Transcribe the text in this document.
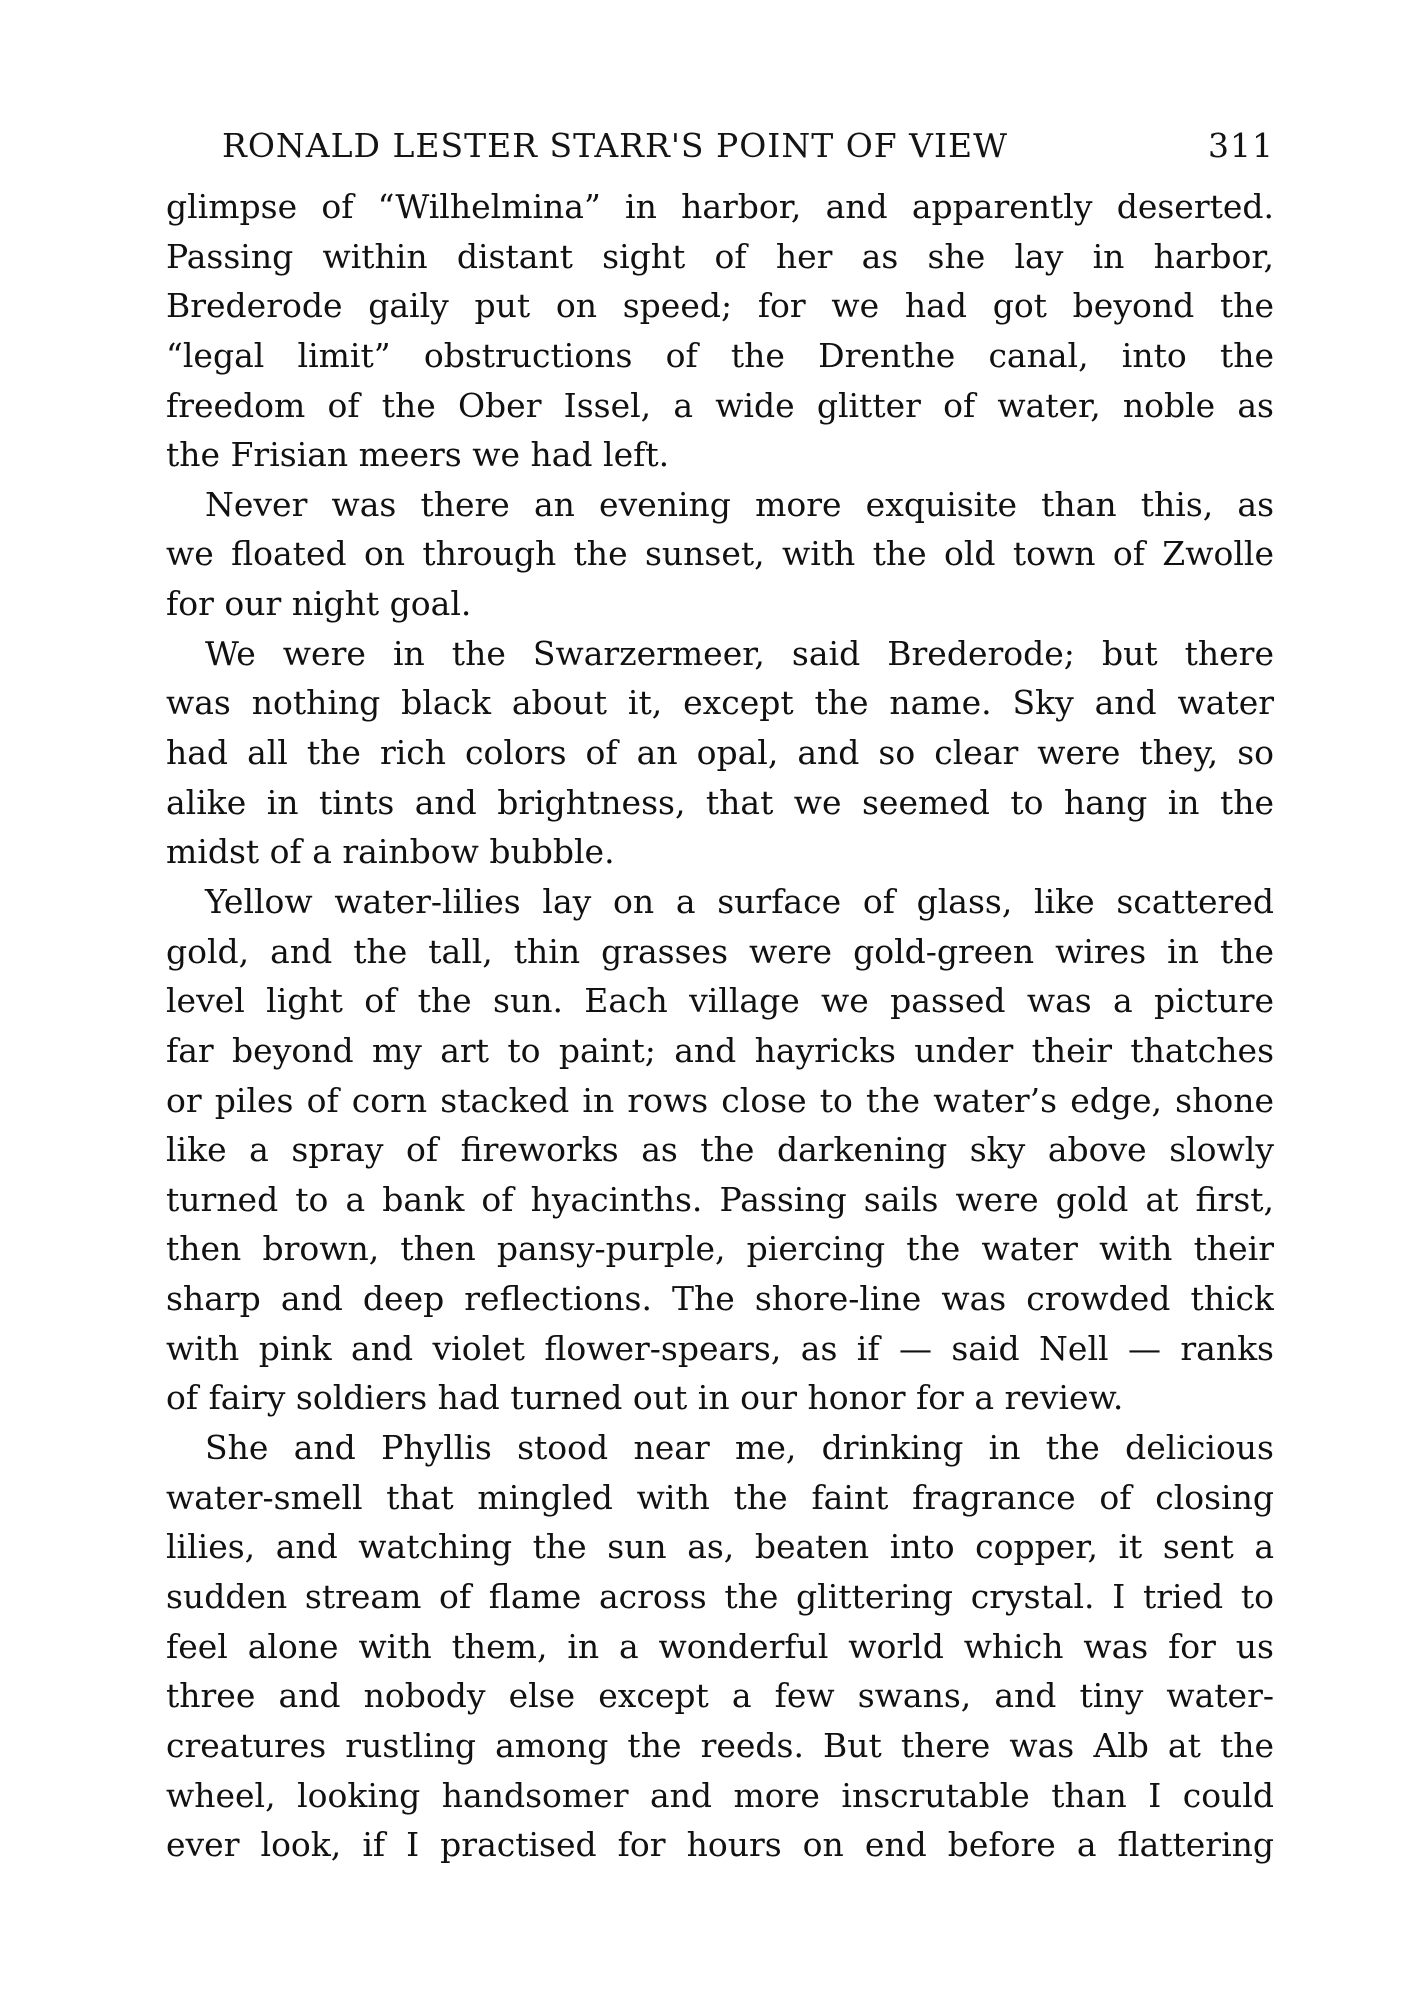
RONALD LESTER STARR'S POINT OF VIEW	311
glimpse of “Wilhelmina” in harbor, and apparently deserted.
Passing within distant sight of her as she lay in harbor,
Brederode gaily put on speed; for we had got beyond the
“legal limit” obstructions of the Drenthe canal, into the
freedom of the Ober Issel, a wide glitter of water, noble as
the Frisian meers we had left.
Never was there an evening more exquisite than this, as
we floated on through the sunset, with the old town of Zwolle
for our night goal.
We were in the Swarzermeer, said Brederode; but there
was nothing black about it, except the name. Sky and water
had all the rich colors of an opal, and so clear were they, so
alike in tints and brightness, that we seemed to hang in the
midst of a rainbow bubble.
Yellow water-lilies lay on a surface of glass, like scattered
gold, and the tall, thin grasses were gold-green wires in the
level light of the sun. Each village we passed was a picture
far beyond my art to paint; and hayricks under their thatches
or piles of corn stacked in rows close to the water’s edge, shone
like a spray of fireworks as the darkening sky above slowly
turned to a bank of hyacinths. Passing sails were gold at first,
then brown, then pansy-purple, piercing the water with their
sharp and deep reflections. The shore-line was crowded thick
with pink and violet flower-spears, as if — said Nell — ranks
of fairy soldiers had turned out in our honor for a review.
She and Phyllis stood near me, drinking in the delicious
water-smell that mingled with the faint fragrance of closing
lilies, and watching the sun as, beaten into copper, it sent a
sudden stream of flame across the glittering crystal. I tried to
feel alone with them, in a wonderful world which was for us
three and nobody else except a few swans, and tiny water-
creatures rustling among the reeds. But there was Alb at the
wheel, looking handsomer and more inscrutable than I could
ever look, if I practised for hours on end before a flattering
